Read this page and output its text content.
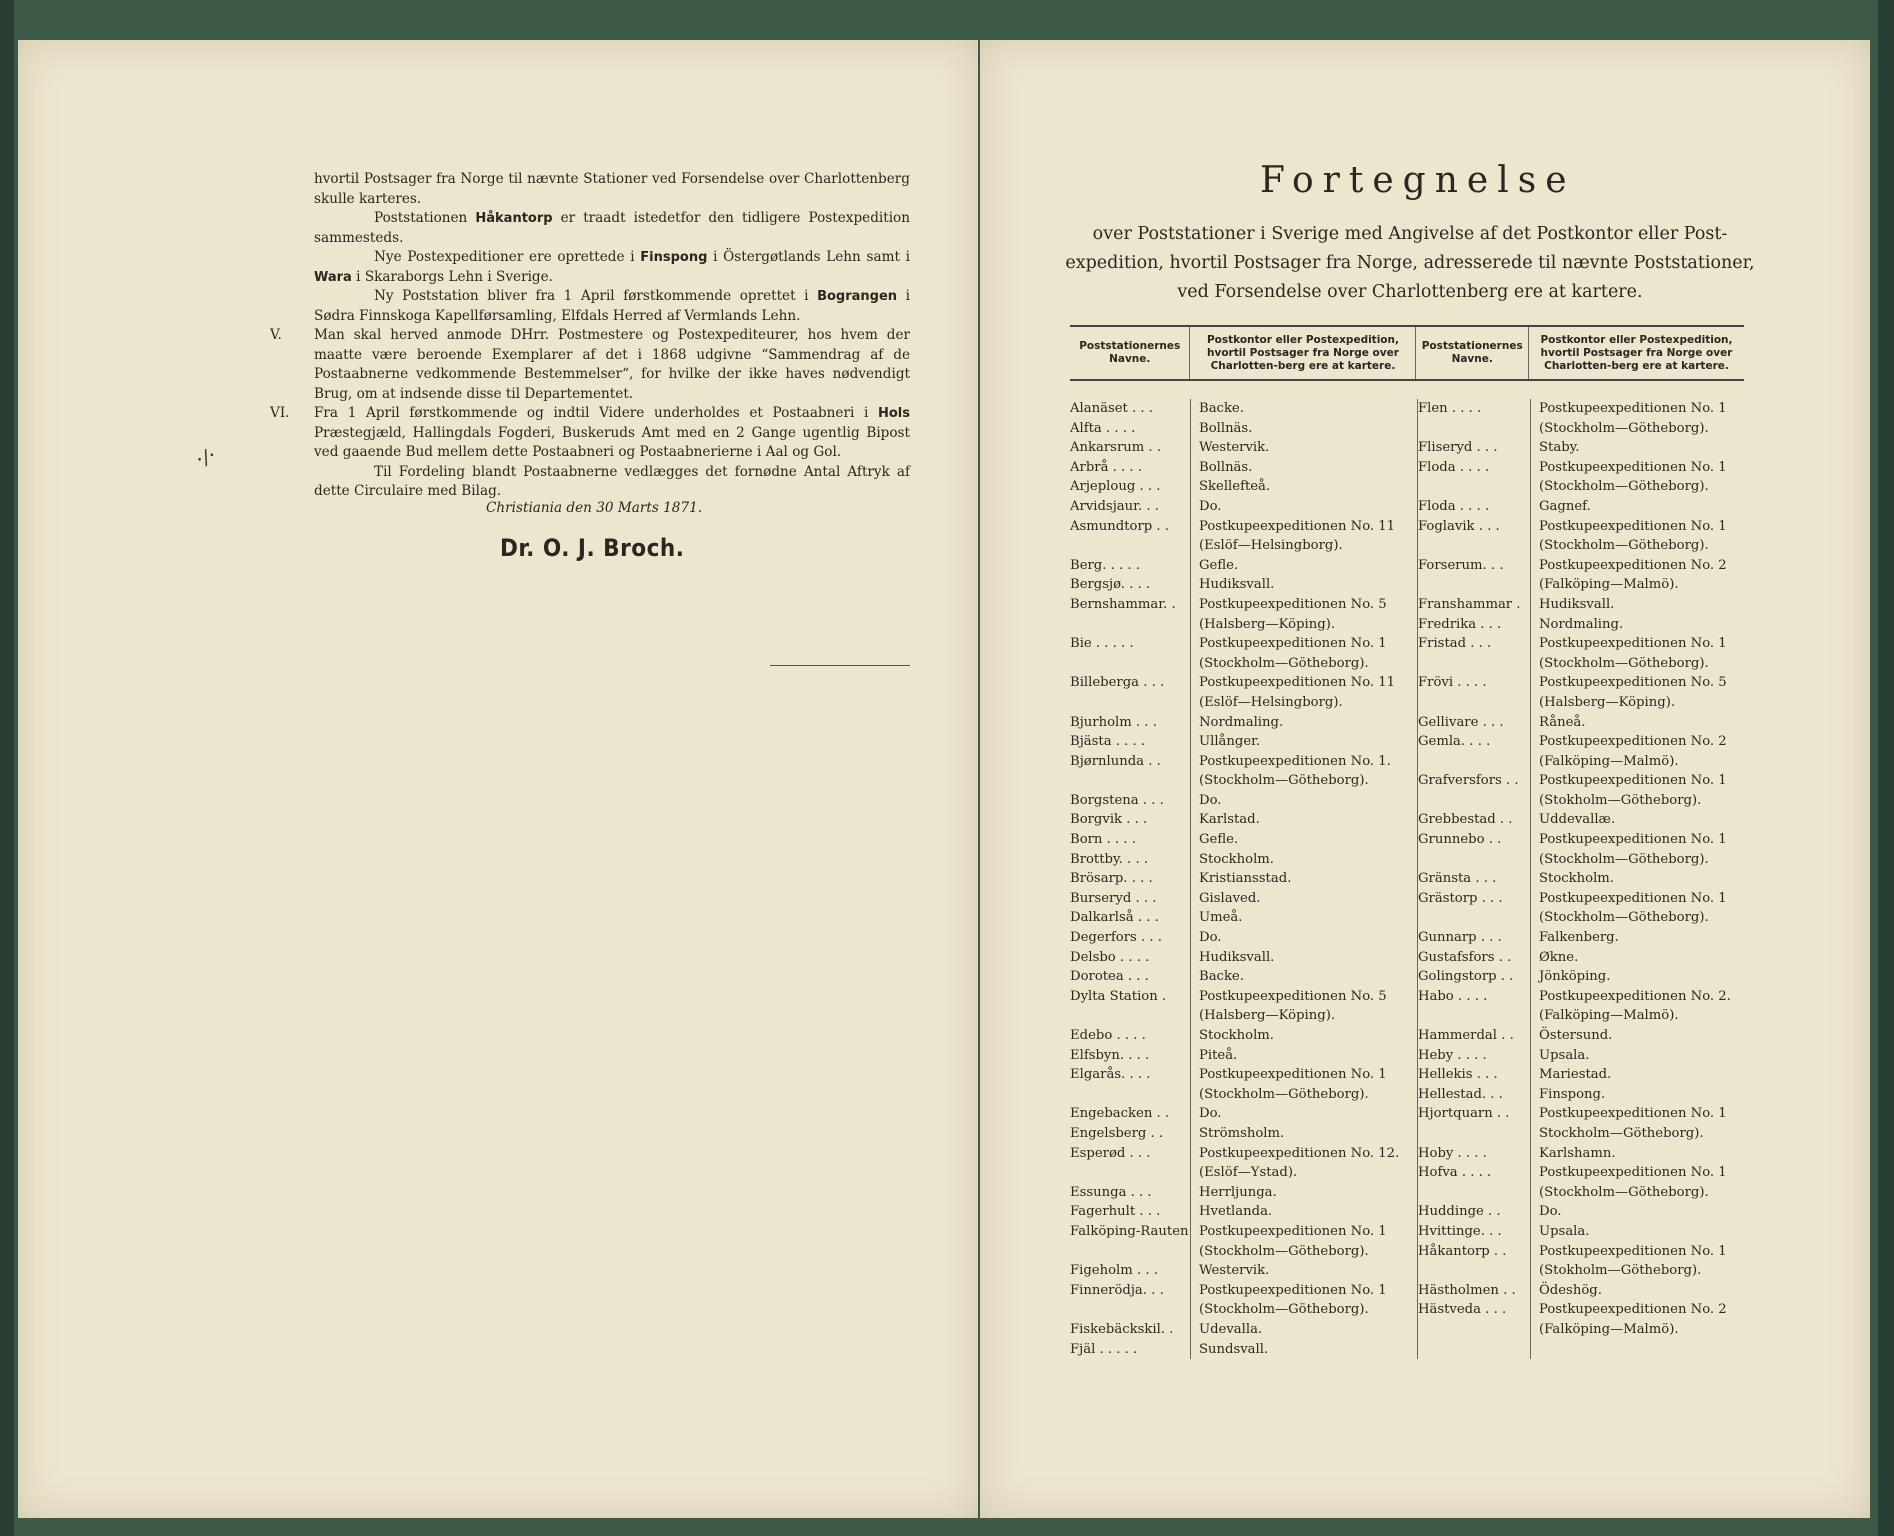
hvortil Postsager fra Norge til nævnte Stationer ved Forsendelse over Charlottenberg skulle karteres.

Poststationen Håkantorp er traadt istedetfor den tidligere Postexpedition sammesteds.

Nye Postexpeditioner ere oprettede i Finspong i Östergøtlands Lehn samt i Wara i Skaraborgs Lehn i Sverige.

Ny Poststation bliver fra 1 April førstkommende oprettet i Bograngen i Sødra Finnskoga Kapellførsamling, Elfdals Herred af Vermlands Lehn.

Man skal herved anmode DHrr. Postmestere og Postexpediteurer, hos hvem der maatte være beroende Exemplarer af det i 1868 udgivne “Sammendrag af de Postaabnerne vedkommende Bestemmelser“, for hvilke der ikke haves nødvendigt Brug, om at indsende disse til Departementet.

Fra 1 April førstkommende og indtil Videre underholdes et Postaabneri i Hols Præstegjæld, Hallingdals Fogderi, Buskeruds Amt med en 2 Gange ugentlig Bipost ved gaaende Bud mellem dette Postaabneri og Postaabnerierne i Aal og Gol.

Til Fordeling blandt Postaabnerne vedlægges det fornødne Antal Aftryk af dette Circulaire med Bilag.

·∕·
Christiania den 30 Marts 1871.
Dr. O. J. Broch.
Fortegnelse
over Poststationer i Sverige med Angivelse af det Postkontor eller Post-
expedition, hvortil Postsager fra Norge, adresserede til nævnte Poststationer,
ved Forsendelse over Charlottenberg ere at kartere.
Poststationernes Navne.
Postkontor eller Postexpedition, hvortil Postsager fra Norge over Charlotten-berg ere at kartere.
Poststationernes Navne.
Postkontor eller Postexpedition, hvortil Postsager fra Norge over Charlotten-berg ere at kartere.
Alanäset . . .
Alfta . . . .
Ankarsrum . .
Arbrå . . . .
Arjeploug . . .
Arvidsjaur. . .
Asmundtorp . .

Berg. . . . .
Bergsjø. . . .
Bernshammar. .

Bie . . . . .

Billeberga . . .

Bjurholm . . .
Bjästa . . . .
Bjørnlunda . .

Borgstena . . .
Borgvik . . .
Born . . . .
Brottby. . . .
Brösarp. . . .
Burseryd . . .
Dalkarlså . . .
Degerfors . . .
Delsbo . . . .
Dorotea . . .
Dylta Station .

Edebo . . . .
Elfsbyn. . . .
Elgarås. . . .

Engebacken . .
Engelsberg . .
Esperød . . .

Essunga . . .
Fagerhult . . .
Falköping-Rauten

Figeholm . . .
Finnerödja. . .

Fiskebäckskil. .
Fjäl . . . . .
Backe.
Bollnäs.
Westervik.
Bollnäs.
Skellefteå.
Do.
Postkupeexpeditionen No. 11
(Eslöf—Helsingborg).
Gefle.
Hudiksvall.
Postkupeexpeditionen No. 5
(Halsberg—Köping).
Postkupeexpeditionen No. 1
(Stockholm—Götheborg).
Postkupeexpeditionen No. 11
(Eslöf—Helsingborg).
Nordmaling.
Ullånger.
Postkupeexpeditionen No. 1.
(Stockholm—Götheborg).
Do.
Karlstad.
Gefle.
Stockholm.
Kristiansstad.
Gislaved.
Umeå.
Do.
Hudiksvall.
Backe.
Postkupeexpeditionen No. 5
(Halsberg—Köping).
Stockholm.
Piteå.
Postkupeexpeditionen No. 1
(Stockholm—Götheborg).
Do.
Strömsholm.
Postkupeexpeditionen No. 12.
(Eslöf—Ystad).
Herrljunga.
Hvetlanda.
Postkupeexpeditionen No. 1
(Stockholm—Götheborg).
Westervik.
Postkupeexpeditionen No. 1
(Stockholm—Götheborg).
Udevalla.
Sundsvall.
Flen . . . .

Fliseryd . . .
Floda . . . .

Floda . . . .
Foglavik . . .

Forserum. . .

Franshammar .
Fredrika . . .
Fristad . . .

Frövi . . . .

Gellivare . . .
Gemla. . . .

Grafversfors . .

Grebbestad . .
Grunnebo . .

Gränsta . . .
Grästorp . . .

Gunnarp . . .
Gustafsfors . .
Golingstorp . .
Habo . . . .

Hammerdal . .
Heby . . . .
Hellekis . . .
Hellestad. . .
Hjortquarn . .

Hoby . . . .
Hofva . . . .

Huddinge . .
Hvittinge. . .
Håkantorp . .

Hästholmen . .
Hästveda . . .

Postkupeexpeditionen No. 1
(Stockholm—Götheborg).
Staby.
Postkupeexpeditionen No. 1
(Stockholm—Götheborg).
Gagnef.
Postkupeexpeditionen No. 1
(Stockholm—Götheborg).
Postkupeexpeditionen No. 2
(Falköping—Malmö).
Hudiksvall.
Nordmaling.
Postkupeexpeditionen No. 1
(Stockholm—Götheborg).
Postkupeexpeditionen No. 5
(Halsberg—Köping).
Råneå.
Postkupeexpeditionen No. 2
(Falköping—Malmö).
Postkupeexpeditionen No. 1
(Stokholm—Götheborg).
Uddevallæ.
Postkupeexpeditionen No. 1
(Stockholm—Götheborg).
Stockholm.
Postkupeexpeditionen No. 1
(Stockholm—Götheborg).
Falkenberg.
Økne.
Jönköping.
Postkupeexpeditionen No. 2.
(Falköping—Malmö).
Östersund.
Upsala.
Mariestad.
Finspong.
Postkupeexpeditionen No. 1
Stockholm—Götheborg).
Karlshamn.
Postkupeexpeditionen No. 1
(Stockholm—Götheborg).
Do.
Upsala.
Postkupeexpeditionen No. 1
(Stokholm—Götheborg).
Ödeshög.
Postkupeexpeditionen No. 2
(Falköping—Malmö).
